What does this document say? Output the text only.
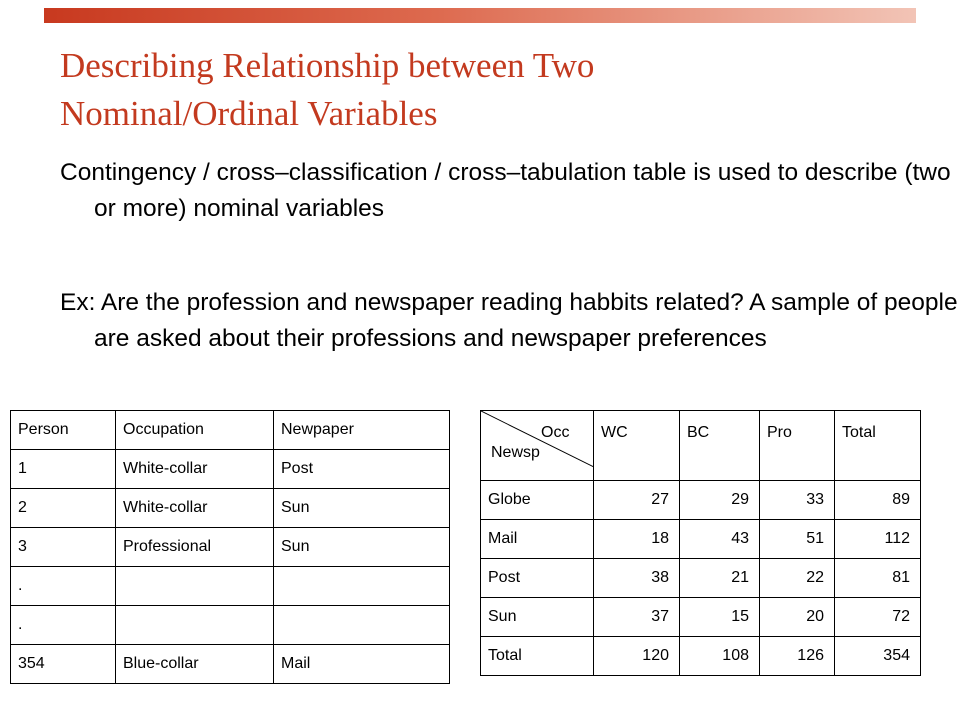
Describing Relationship between Two
Nominal/Ordinal Variables

Contingency / cross–classification / cross–tabulation table is used to describe (two or more) nominal variables

Ex: Are the profession and newspaper reading habbits related? A sample of people are asked about their professions and newspaper preferences

Person	Occupation	Newpaper
1	White-collar	Post
2	White-collar	Sun
3	Professional	Sun
.		
.		
354	Blue-collar	Mail
Occ
Newsp	WC	BC	Pro	Total
Globe	27	29	33	89
Mail	18	43	51	112
Post	38	21	22	81
Sun	37	15	20	72
Total	120	108	126	354
